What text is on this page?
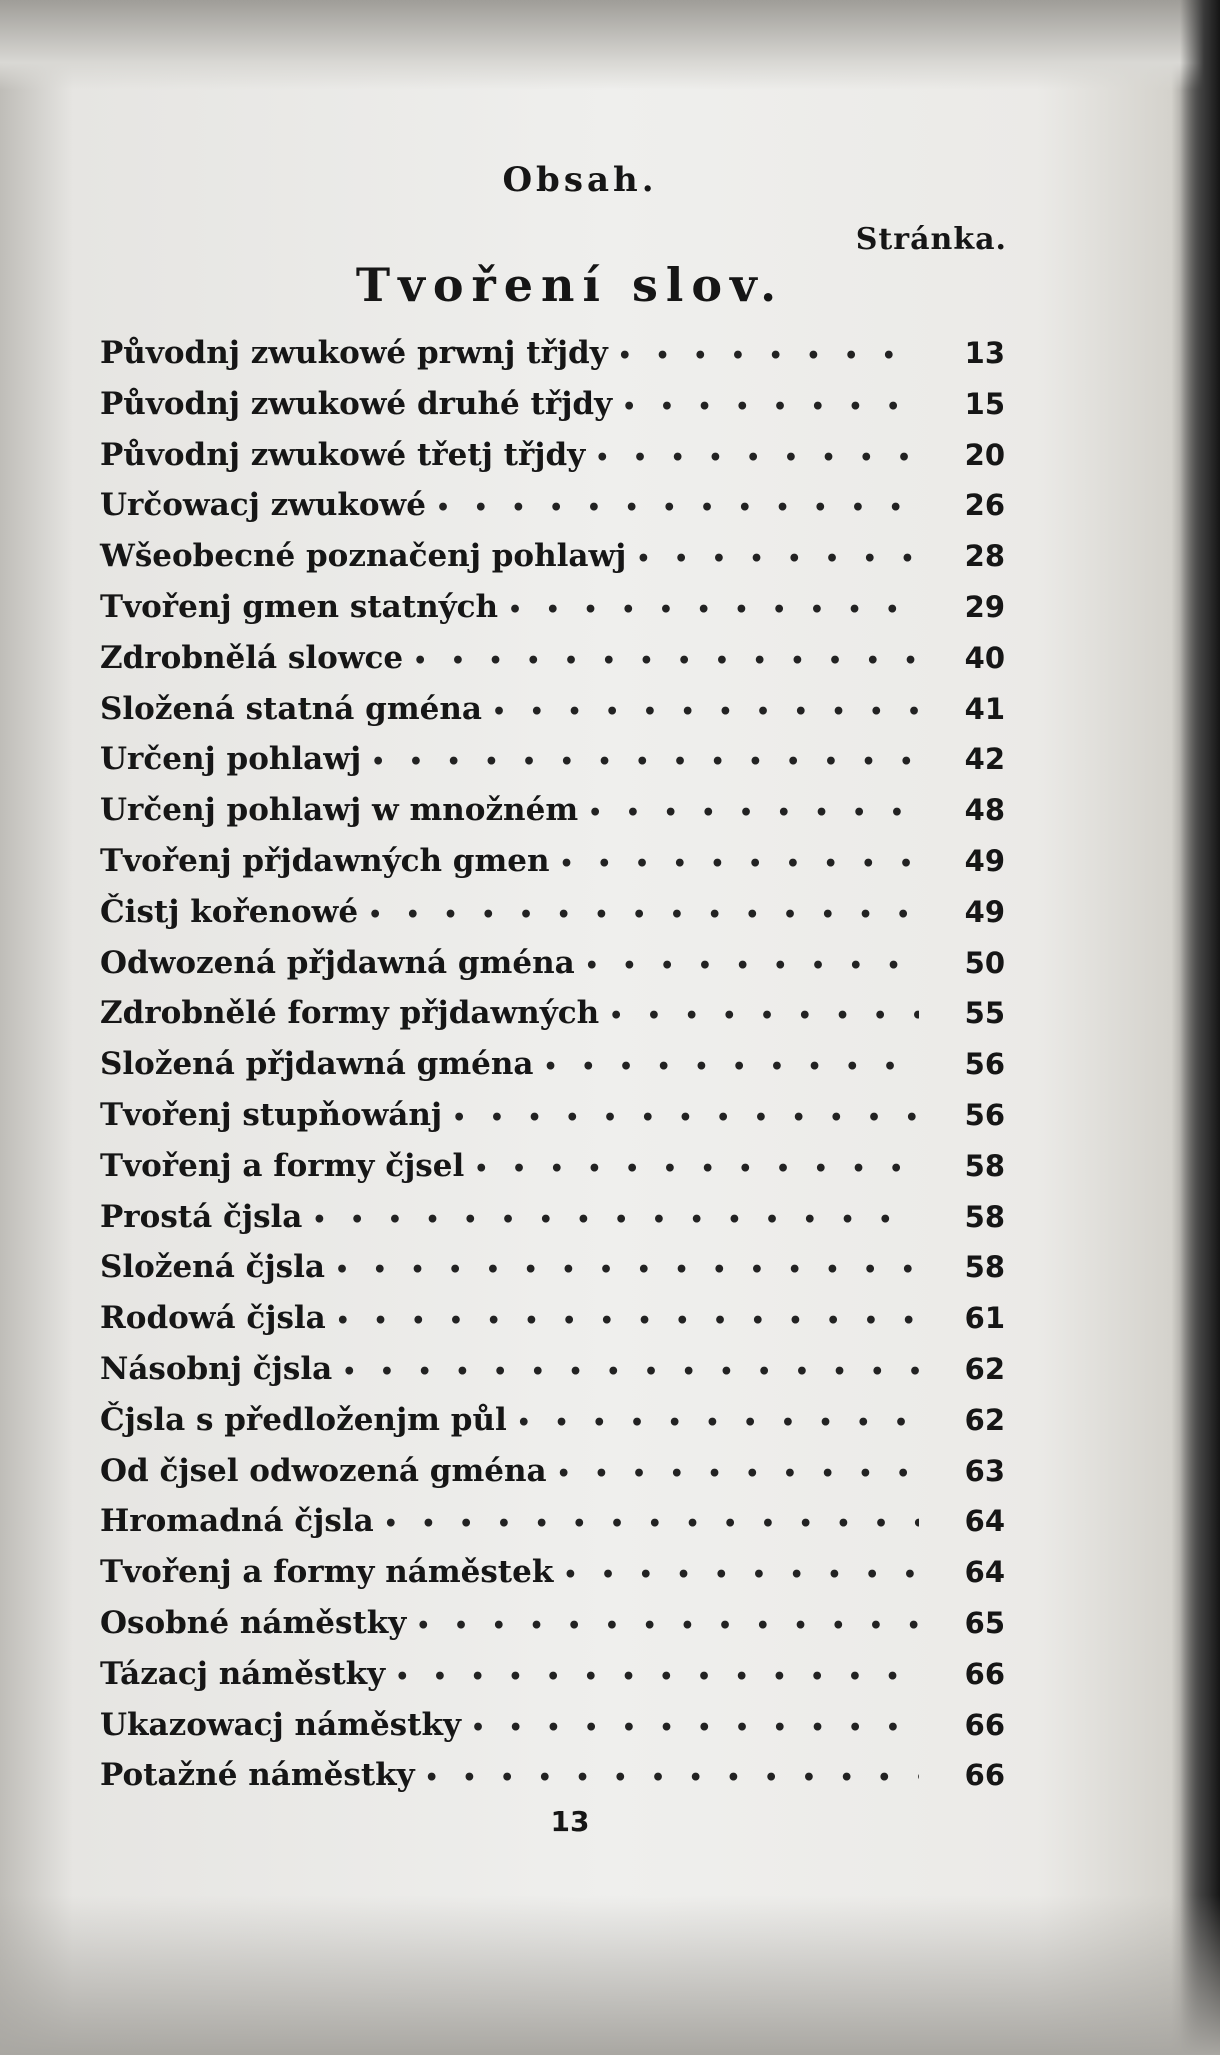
Obsah.
Stránka.
Tvoření slov.
Původnj zwukowé prwnj třjdy • • •	13
Původnj zwukowé druhé třjdy • • •	15
Původnj zwukowé třetj třjdy • • •	20
Určowacj zwukowé • • •	26
Wšeobecné poznačenj pohlawj • • •	28
Tvořenj gmen statných • • •	29
Zdrobnělá slowce • • •	40
Složená statná gména • • •	41
Určenj pohlawj • • •	42
Určenj pohlawj w množném • • •	48
Tvořenj přjdawných gmen • • •	49
Čistj kořenowé • • •	49
Odwozená přjdawná gména • • •	50
Zdrobnělé formy přjdawných • • •	55
Složená přjdawná gména • • •	56
Tvořenj stupňowánj • • •	56
Tvořenj a formy čjsel • • •	58
Prostá čjsla • • •	58
Složená čjsla • • •	58
Rodowá čjsla • • •	61
Násobnj čjsla • • •	62
Čjsla s předloženjm půl • • •	62
Od čjsel odwozená gména • • •	63
Hromadná čjsla • • •	64
Tvořenj a formy náměstek • • •	64
Osobné náměstky • • •	65
Tázacj náměstky • • •	66
Ukazowacj náměstky • • •	66
Potažné náměstky • • •	66
13
